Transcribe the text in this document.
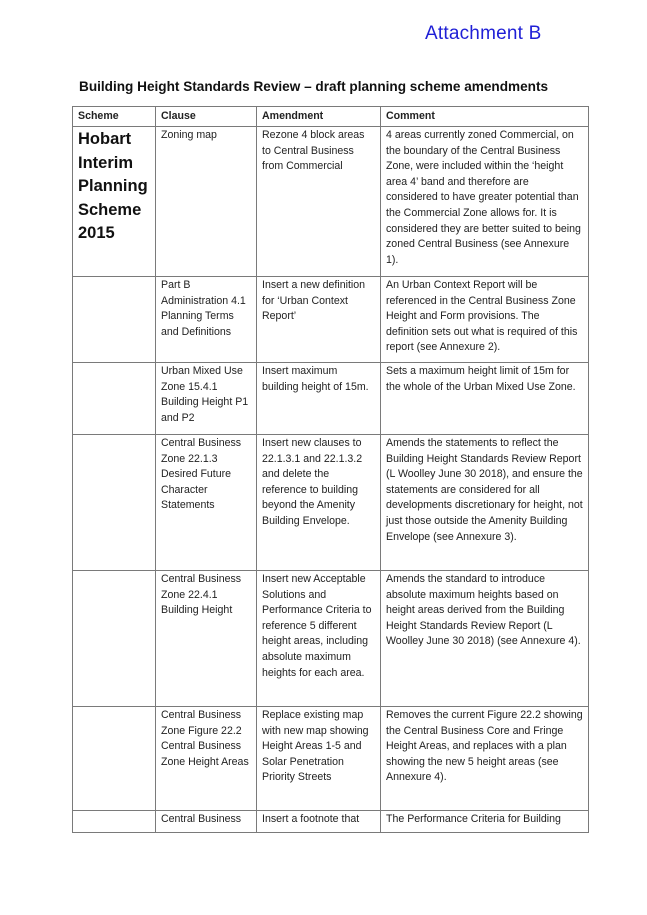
Attachment B
Building Height Standards Review – draft planning scheme amendments
Scheme	Clause	Amendment	Comment
Hobart Interim Planning Scheme 2015	Zoning map	Rezone 4 block areas to Central Business from Commercial	4 areas currently zoned Commercial, on the boundary of the Central Business Zone, were included within the ‘height area 4’ band and therefore are considered to have greater potential than the Commercial Zone allows for. It is considered they are better suited to being zoned Central Business (see Annexure 1).
	Part B Administration 4.1 Planning Terms and Definitions	Insert a new definition for ‘Urban Context Report’	An Urban Context Report will be referenced in the Central Business Zone Height and Form provisions. The definition sets out what is required of this report (see Annexure 2).
	Urban Mixed Use Zone 15.4.1 Building Height P1 and P2	Insert maximum building height of 15m.	Sets a maximum height limit of 15m for the whole of the Urban Mixed Use Zone.
	Central Business Zone 22.1.3 Desired Future Character Statements	Insert new clauses to 22.1.3.1 and 22.1.3.2 and delete the reference to building beyond the Amenity Building Envelope.	Amends the statements to reflect the Building Height Standards Review Report (L Woolley June 30 2018), and ensure the statements are considered for all developments discretionary for height, not just those outside the Amenity Building Envelope (see Annexure 3).
	Central Business Zone 22.4.1 Building Height	Insert new Acceptable Solutions and Performance Criteria to reference 5 different height areas, including absolute maximum heights for each area.	Amends the standard to introduce absolute maximum heights based on height areas derived from the Building Height Standards Review Report (L Woolley June 30 2018) (see Annexure 4).
	Central Business Zone Figure 22.2 Central Business Zone Height Areas	Replace existing map with new map showing Height Areas 1-5 and Solar Penetration Priority Streets	Removes the current Figure 22.2 showing the Central Business Core and Fringe Height Areas, and replaces with a plan showing the new 5 height areas (see Annexure 4).
	Central Business	Insert a footnote that	The Performance Criteria for Building
